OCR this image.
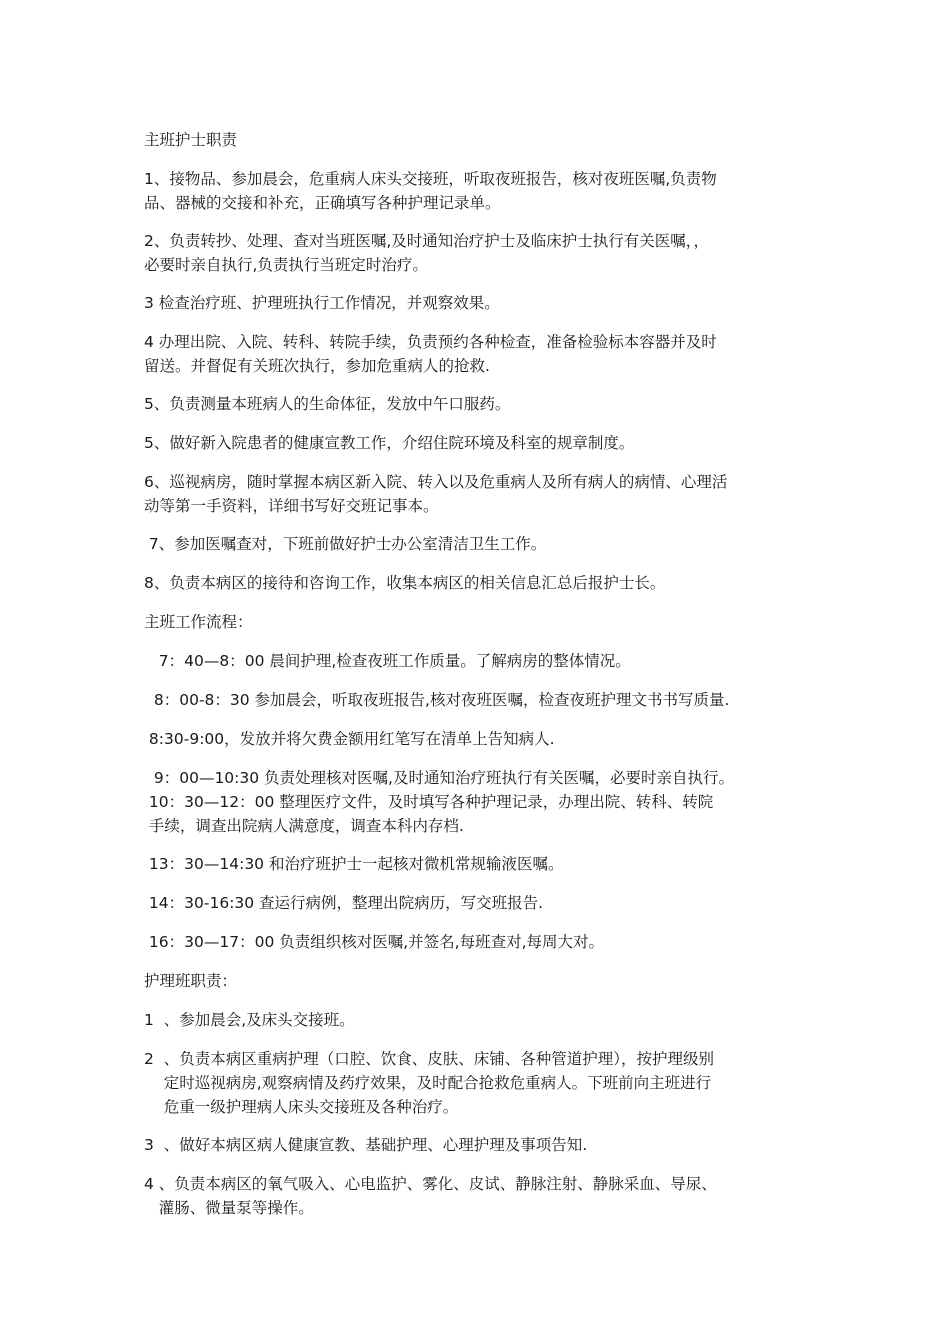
主班护士职责

1、接物品、参加晨会，危重病人床头交接班，听取夜班报告，核对夜班医嘱,负责物
品、器械的交接和补充，正确填写各种护理记录单。

2、负责转抄、处理、查对当班医嘱,及时通知治疗护士及临床护士执行有关医嘱，，
必要时亲自执行,负责执行当班定时治疗。

3 检查治疗班、护理班执行工作情况，并观察效果。

4 办理出院、入院、转科、转院手续，负责预约各种检查，准备检验标本容器并及时
留送。并督促有关班次执行，参加危重病人的抢救.

5、负责测量本班病人的生命体征，发放中午口服药。

5、做好新入院患者的健康宣教工作，介绍住院环境及科室的规章制度。

6、巡视病房，随时掌握本病区新入院、转入以及危重病人及所有病人的病情、心理活
动等第一手资料，详细书写好交班记事本。

7、参加医嘱查对，下班前做好护士办公室清洁卫生工作。

8、负责本病区的接待和咨询工作，收集本病区的相关信息汇总后报护士长。

主班工作流程：

7：40—8：00 晨间护理,检查夜班工作质量。了解病房的整体情况。

8：00-8：30 参加晨会，听取夜班报告,核对夜班医嘱，检查夜班护理文书书写质量.

8:30-9:00，发放并将欠费金额用红笔写在清单上告知病人.

9：00—10:30 负责处理核对医嘱,及时通知治疗班执行有关医嘱，必要时亲自执行。
10：30—12：00 整理医疗文件，及时填写各种护理记录，办理出院、转科、转院
手续，调查出院病人满意度，调查本科内存档.

13：30—14:30 和治疗班护士一起核对微机常规输液医嘱。

14：30-16:30 查运行病例，整理出院病历，写交班报告.

16：30—17：00 负责组织核对医嘱,并签名,每班查对,每周大对。

护理班职责：

1 、参加晨会,及床头交接班。
2 、负责本病区重病护理（口腔、饮食、皮肤、床铺、各种管道护理），按护理级别
定时巡视病房,观察病情及药疗效果，及时配合抢救危重病人。下班前向主班进行
危重一级护理病人床头交接班及各种治疗。
3 、做好本病区病人健康宣教、基础护理、心理护理及事项告知.
4 、负责本病区的氧气吸入、心电监护、雾化、皮试、静脉注射、静脉采血、导尿、
灌肠、微量泵等操作。
